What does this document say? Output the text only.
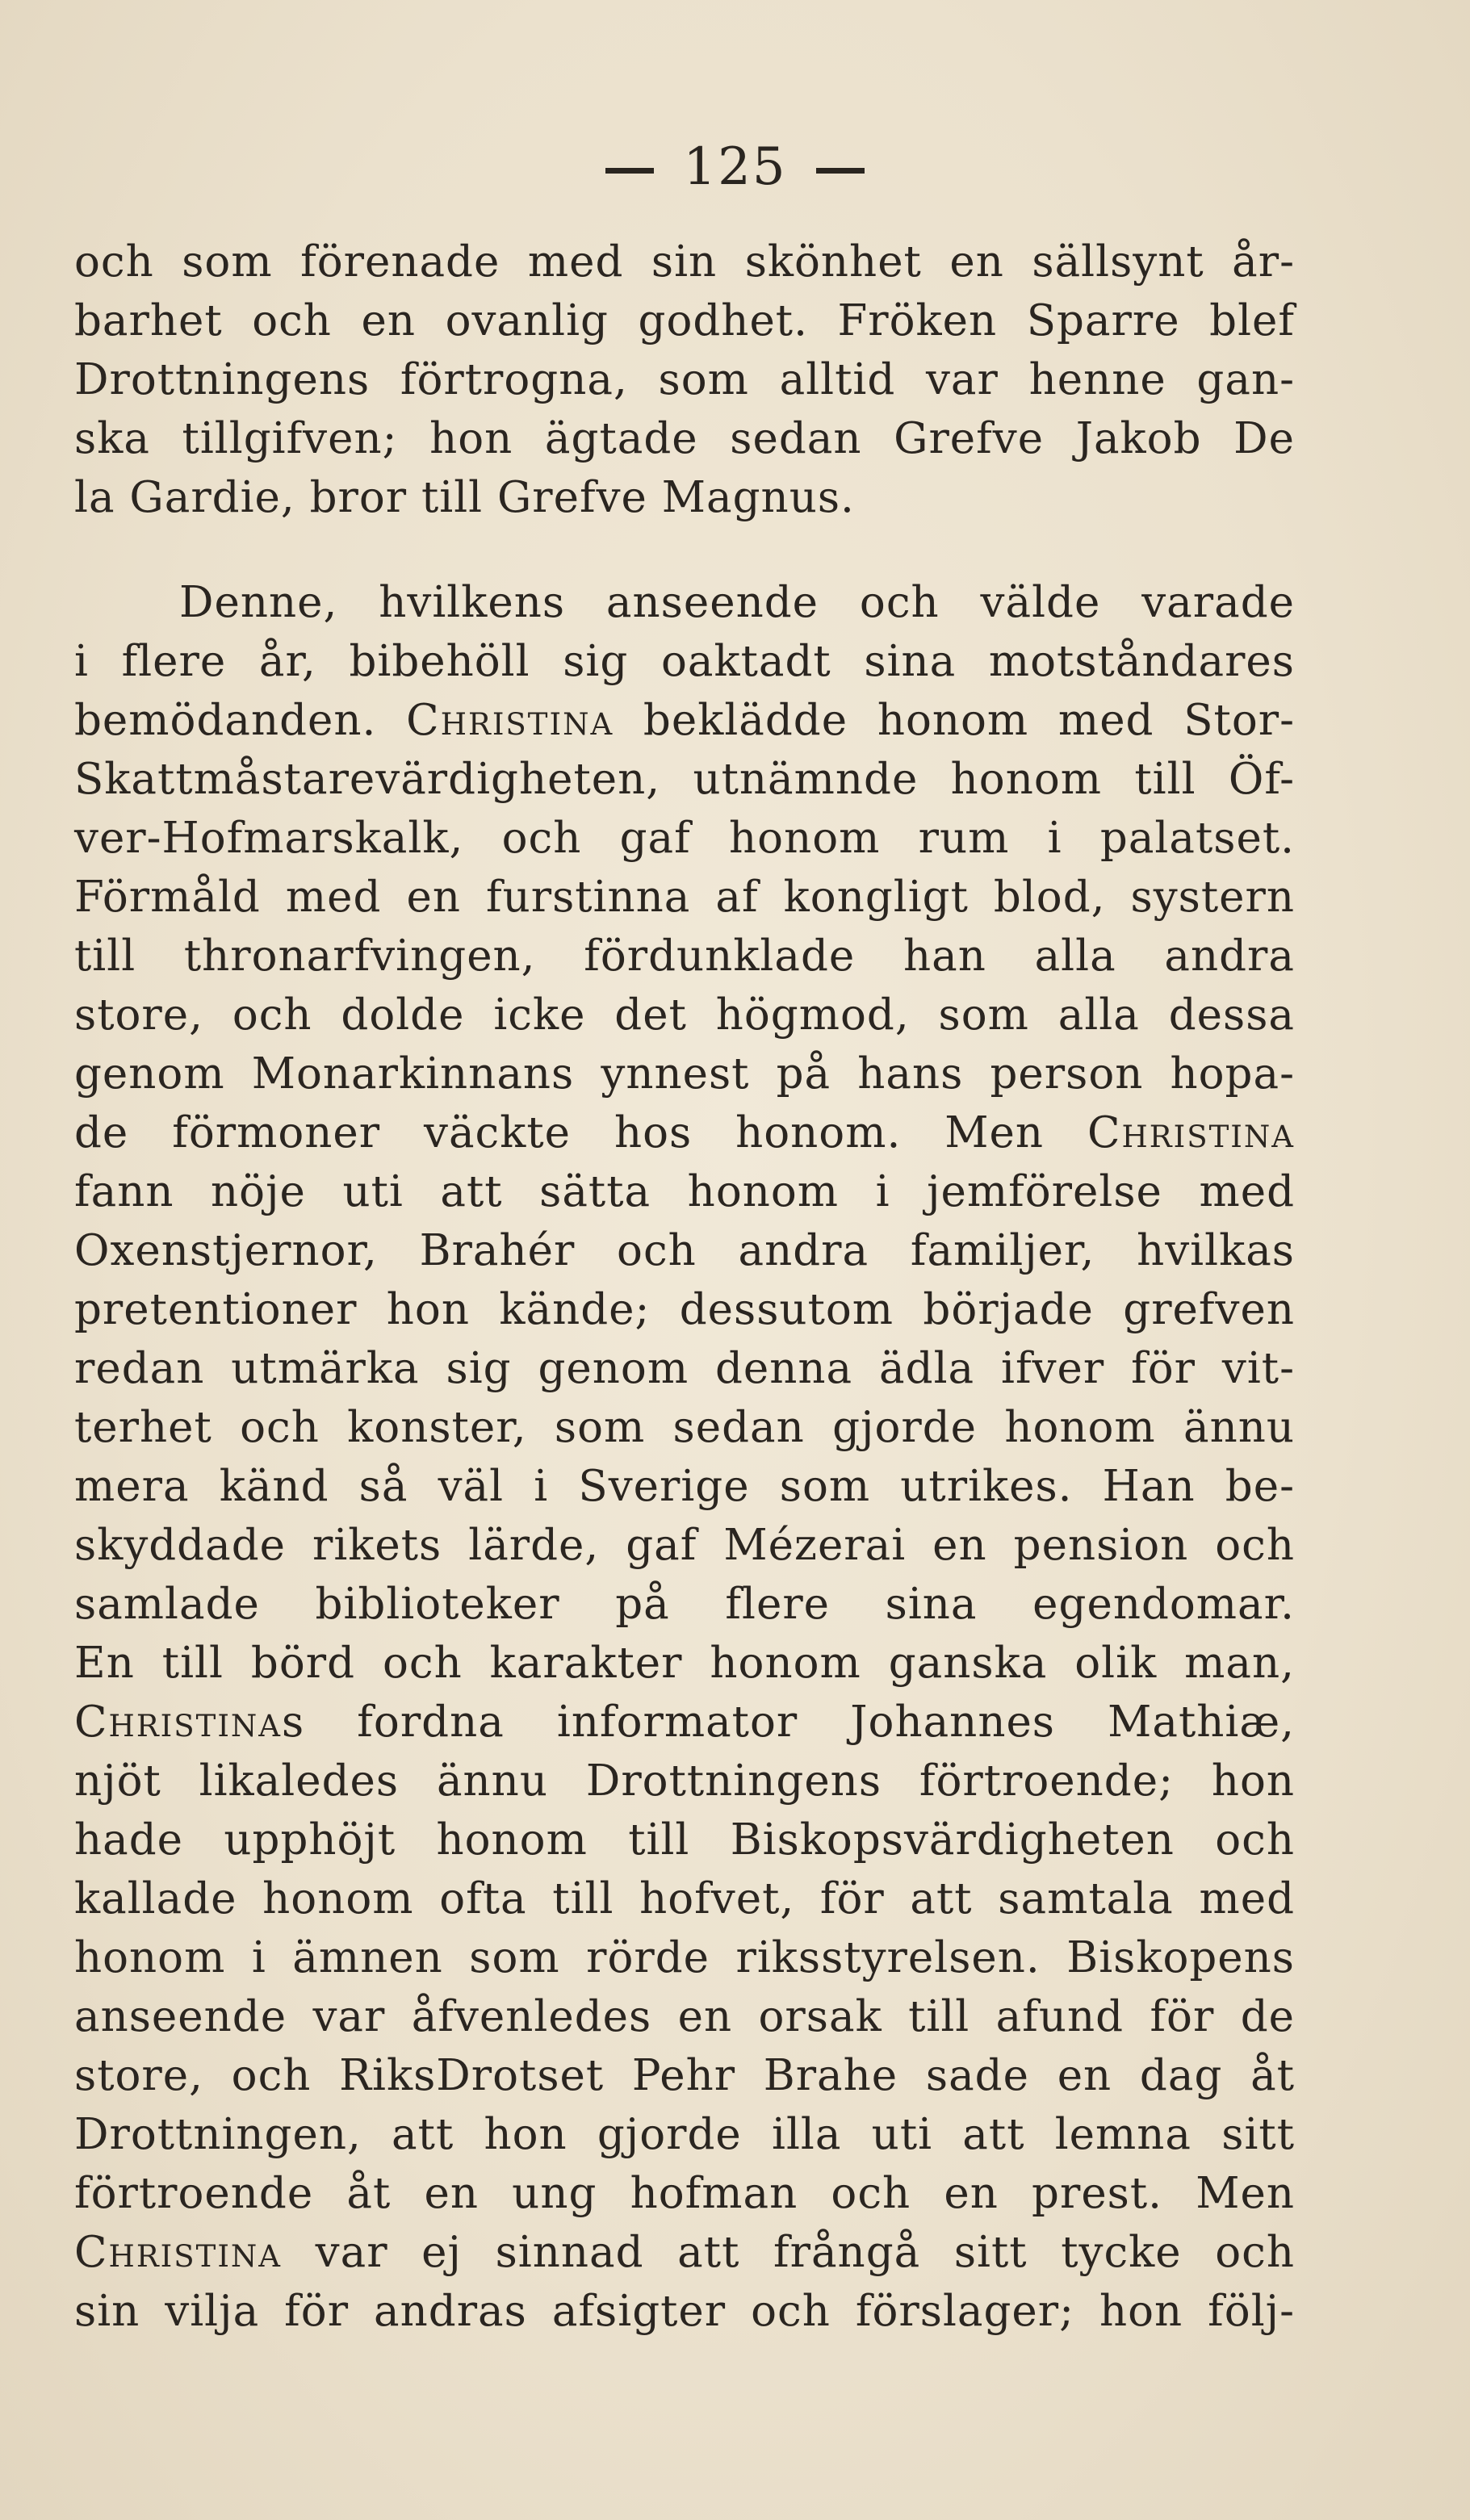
125
och som förenade med sin skönhet en sällsynt år-
barhet och en ovanlig godhet. Fröken Sparre blef
Drottningens förtrogna, som alltid var henne gan-
ska tillgifven; hon ägtade sedan Grefve Jakob De
la Gardie, bror till Grefve Magnus.
Denne, hvilkens anseende och välde varade
i flere år, bibehöll sig oaktadt sina motståndares
bemödanden. Christina beklädde honom med Stor-
Skattmåstarevärdigheten, utnämnde honom till Öf-
ver-Hofmarskalk, och gaf honom rum i palatset.
Förmåld med en furstinna af kongligt blod, systern
till thronarfvingen, fördunklade han alla andra
store, och dolde icke det högmod, som alla dessa
genom Monarkinnans ynnest på hans person hopa-
de förmoner väckte hos honom. Men Christina
fann nöje uti att sätta honom i jemförelse med
Oxenstjernor, Brahér och andra familjer, hvilkas
pretentioner hon kände; dessutom började grefven
redan utmärka sig genom denna ädla ifver för vit-
terhet och konster, som sedan gjorde honom ännu
mera känd så väl i Sverige som utrikes. Han be-
skyddade rikets lärde, gaf Mézerai en pension och
samlade biblioteker på flere sina egendomar.
En till börd och karakter honom ganska olik man,
Christinas fordna informator Johannes Mathiæ,
njöt likaledes ännu Drottningens förtroende; hon
hade upphöjt honom till Biskopsvärdigheten och
kallade honom ofta till hofvet, för att samtala med
honom i ämnen som rörde riksstyrelsen. Biskopens
anseende var åfvenledes en orsak till afund för de
store, och RiksDrotset Pehr Brahe sade en dag åt
Drottningen, att hon gjorde illa uti att lemna sitt
förtroende åt en ung hofman och en prest. Men
Christina var ej sinnad att frångå sitt tycke och
sin vilja för andras afsigter och förslager; hon följ-
